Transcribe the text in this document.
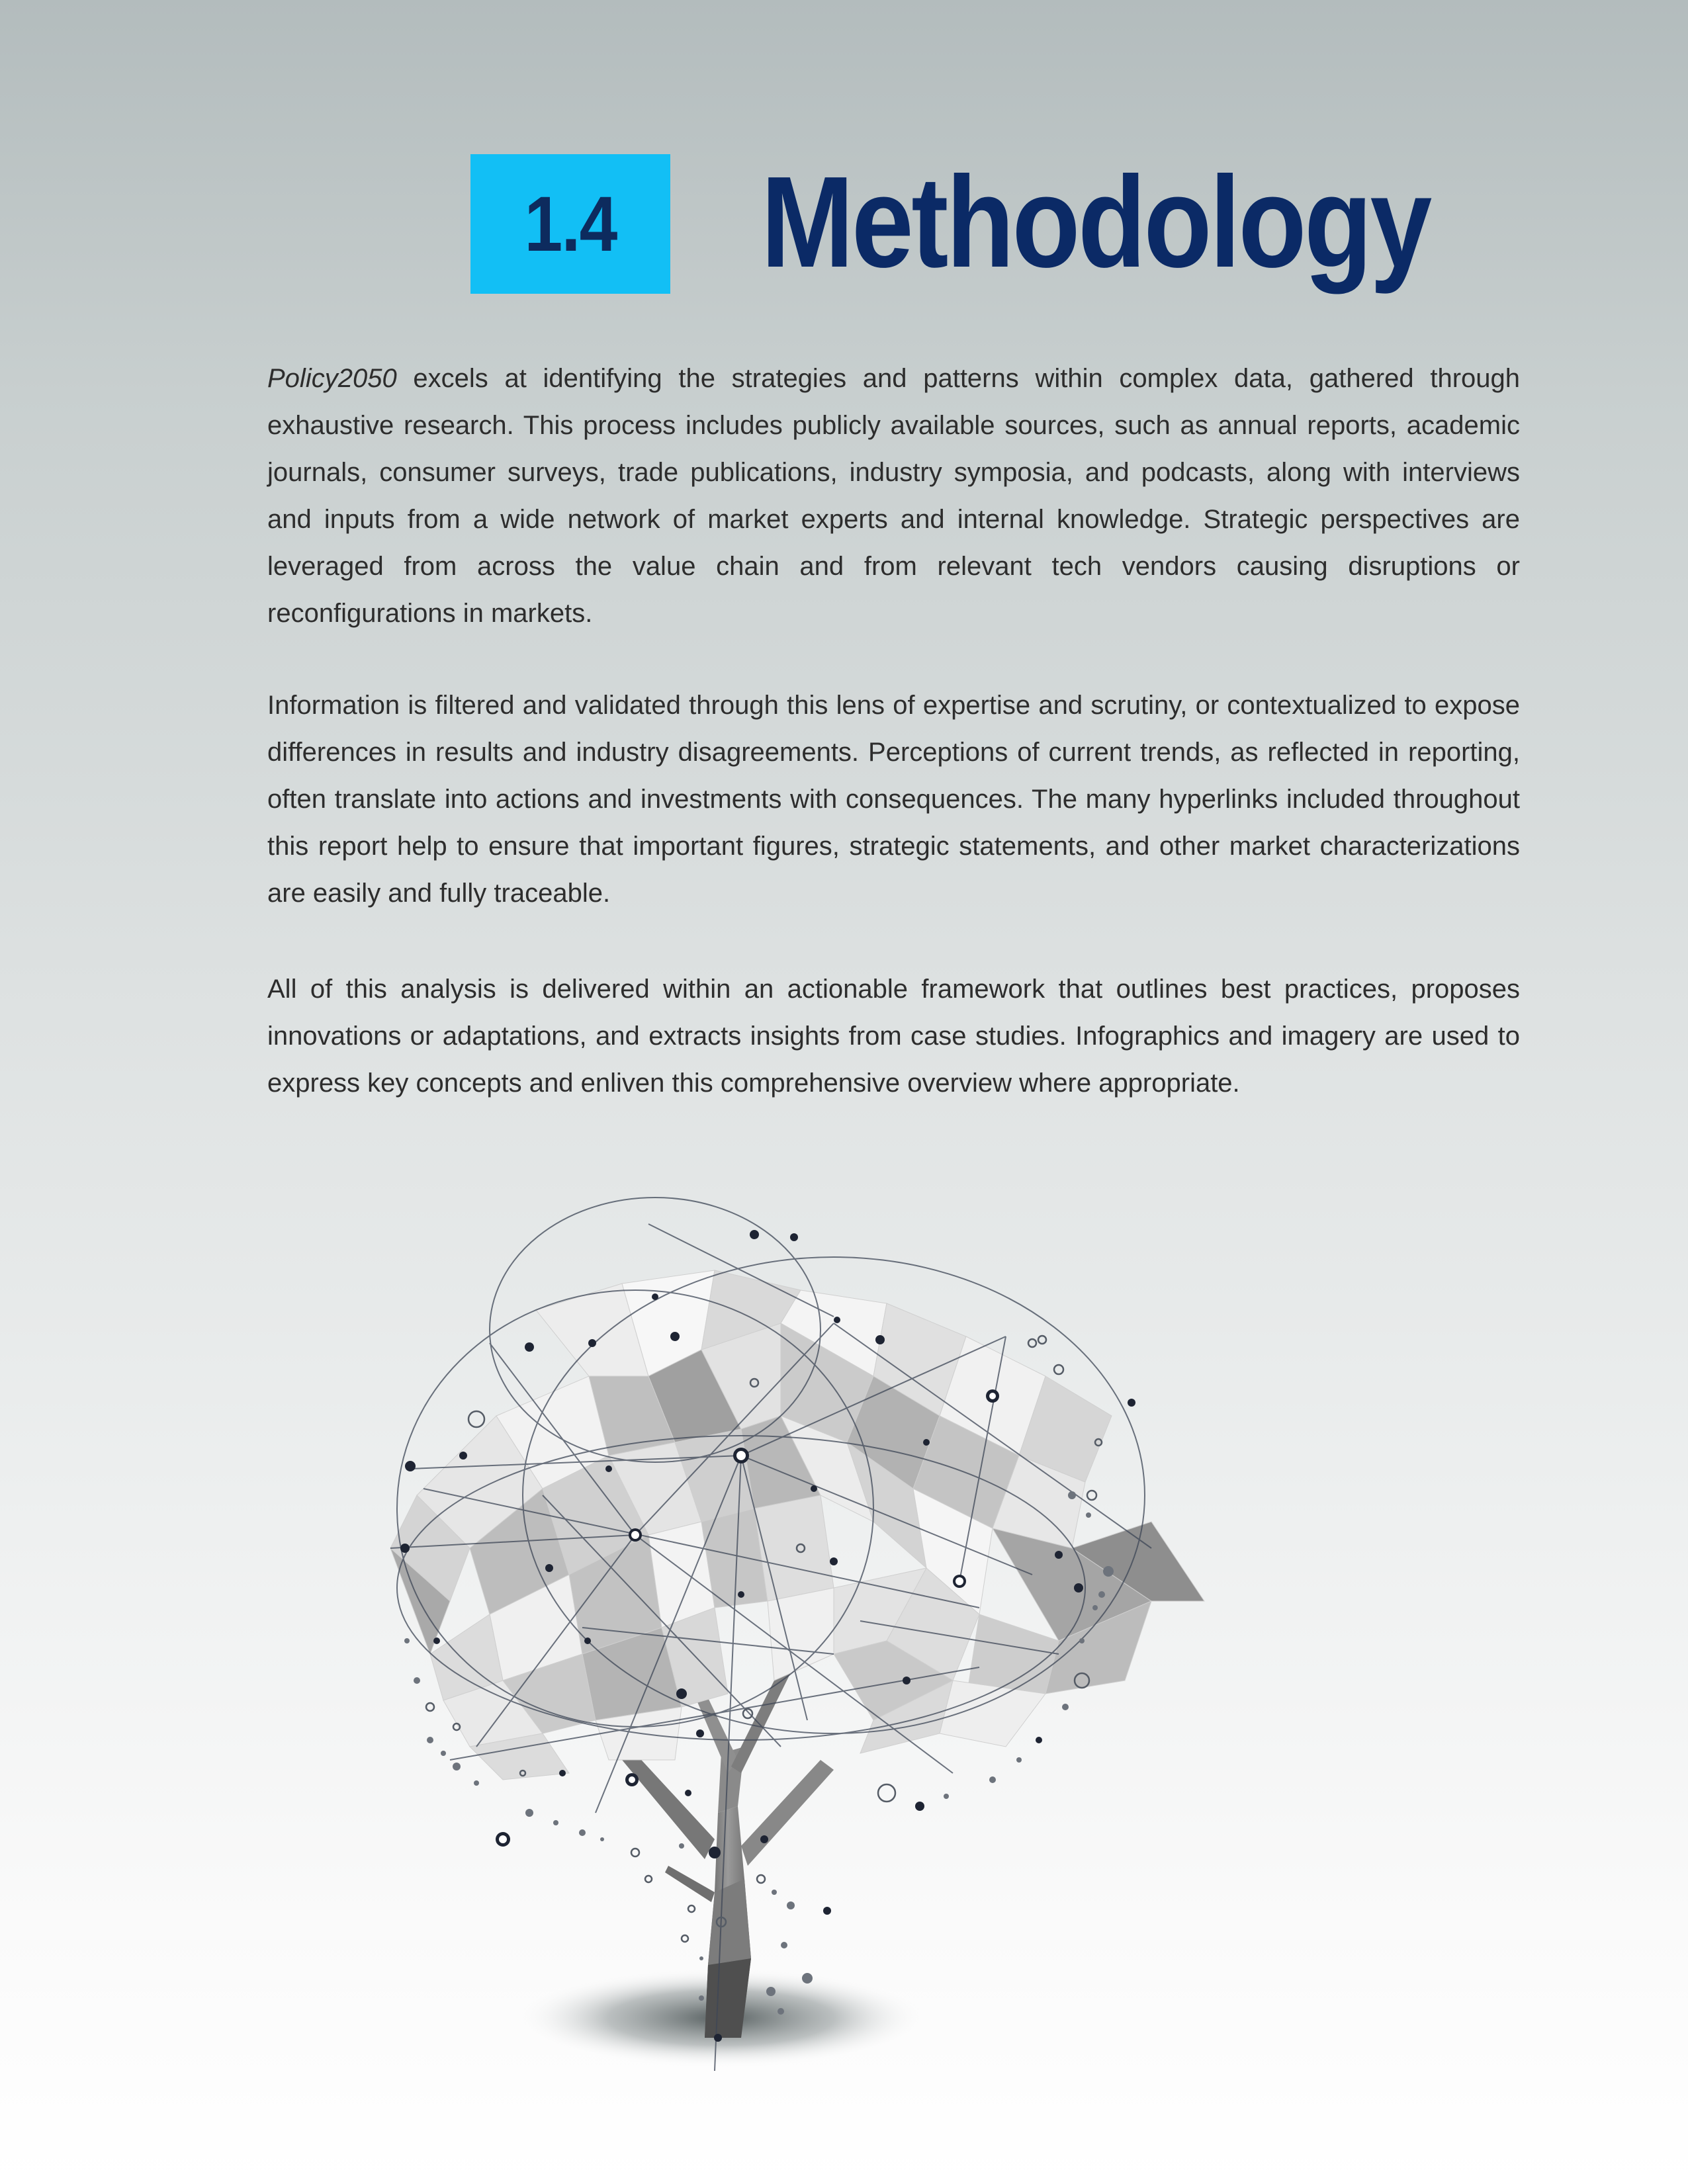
1.4 Methodology

Policy2050 excels at identifying the strategies and patterns within complex data, gathered through exhaustive research. This process includes publicly available sources, such as annual reports, academic journals, consumer surveys, trade publications, industry symposia, and podcasts, along with interviews and inputs from a wide network of market experts and internal knowledge. Strategic perspectives are leveraged from across the value chain and from relevant tech vendors causing disruptions or reconfigurations in markets.

Information is filtered and validated through this lens of expertise and scrutiny, or contextualized to expose differences in results and industry disagreements. Perceptions of current trends, as reflected in reporting, often translate into actions and investments with consequences. The many hyperlinks included throughout this report help to ensure that important figures, strategic statements, and other market characterizations are easily and fully traceable.

All of this analysis is delivered within an actionable framework that outlines best practices, proposes innovations or adaptations, and extracts insights from case studies. Infographics and imagery are used to express key concepts and enliven this comprehensive overview where appropriate.
